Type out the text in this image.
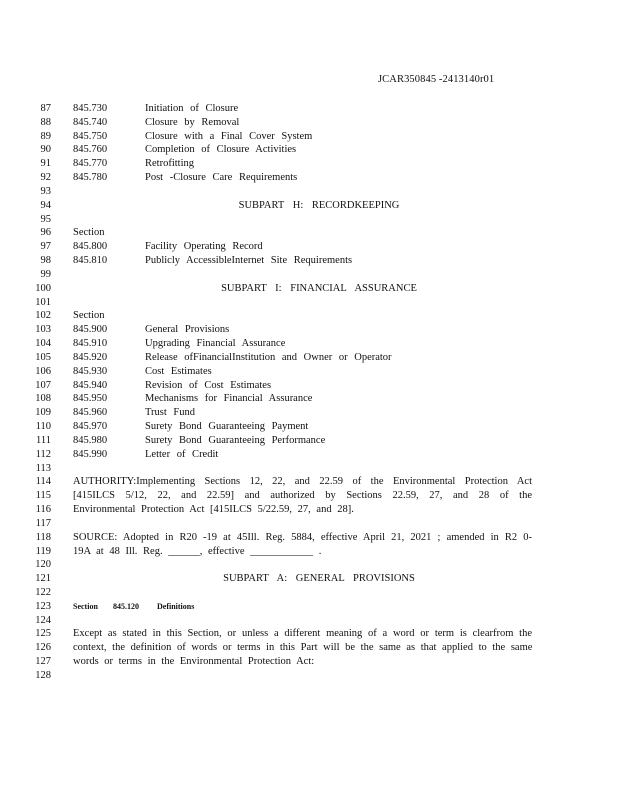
JCAR350845 -2413140r01
87 845.730	Initiation of Closure
88 845.740	Closure by Removal
89 845.750	Closure with a Final Cover System
90 845.760	Completion of Closure Activities
91 845.770	Retrofitting
92 845.780	Post -Closure Care Requirements
93
94	SUBPART H: RECORDKEEPING
95
96 Section
97 845.800	Facility Operating Record
98 845.810	Publicly AccessibleInternet Site Requirements
99
100	SUBPART I: FINANCIAL ASSURANCE
101
102 Section
103 845.900	General Provisions
104 845.910	Upgrading Financial Assurance
105 845.920	Release ofFinancialInstitution and Owner or Operator
106 845.930	Cost Estimates
107 845.940	Revision of Cost Estimates
108 845.950	Mechanisms for Financial Assurance
109 845.960	Trust Fund
110 845.970	Surety Bond Guaranteeing Payment
111 845.980	Surety Bond Guaranteeing Performance
112 845.990	Letter of Credit
113
114 AUTHORITY:Implementing Sections 12, 22, and 22.59 of the Environmental Protection Act
115 [415ILCS 5/12, 22, and 22.59] and authorized by Sections 22.59, 27, and 28 of the
116 Environmental Protection Act [415ILCS 5/22.59, 27, and 28].
117
118 SOURCE: Adopted in R20 -19 at 45Ill. Reg. 5884, effective April 21, 2021 ; amended in R2 0-
119 19A at 48 Ill. Reg. ______, effective ____________ .
120
121	SUBPART A: GENERAL PROVISIONS
122
123	Section 845.120 Definitions
124
125 Except as stated in this Section, or unless a different meaning of a word or term is clearfrom the
126 context, the definition of words or terms in this Part will be the same as that applied to the same
127 words or terms in the Environmental Protection Act:
128
